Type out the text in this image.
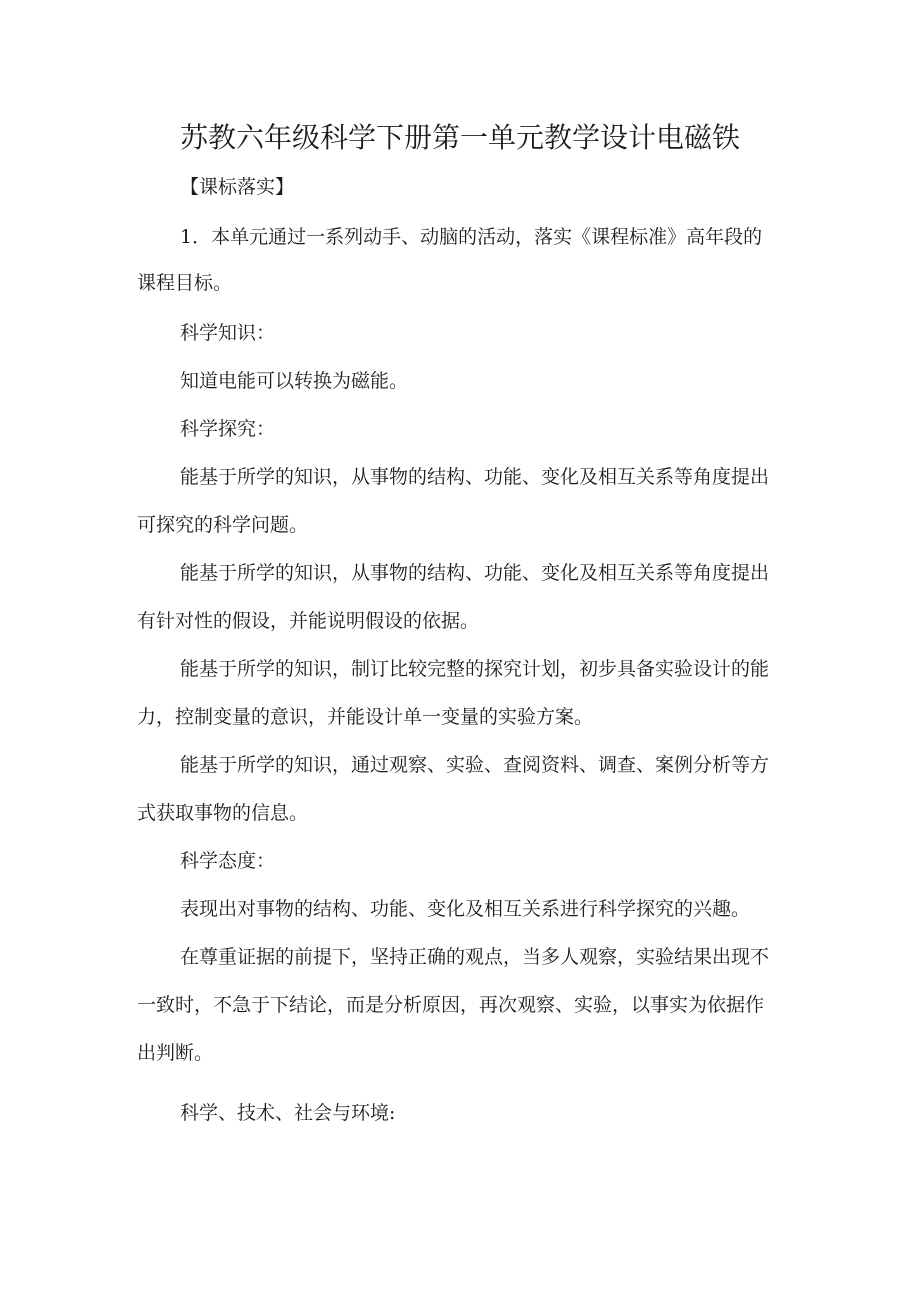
苏教六年级科学下册第一单元教学设计电磁铁
【课标落实】
1．本单元通过一系列动手、动脑的活动，落实《课程标准》高年段的
课程目标。
科学知识：
知道电能可以转换为磁能。
科学探究：
能基于所学的知识，从事物的结构、功能、变化及相互关系等角度提出
可探究的科学问题。
能基于所学的知识，从事物的结构、功能、变化及相互关系等角度提出
有针对性的假设，并能说明假设的依据。
能基于所学的知识，制订比较完整的探究计划，初步具备实验设计的能
力，控制变量的意识，并能设计单一变量的实验方案。
能基于所学的知识，通过观察、实验、查阅资料、调查、案例分析等方
式获取事物的信息。
科学态度：
表现出对事物的结构、功能、变化及相互关系进行科学探究的兴趣。
在尊重证据的前提下，坚持正确的观点，当多人观察，实验结果出现不
一致时，不急于下结论，而是分析原因，再次观察、实验，以事实为依据作
出判断。
科学、技术、社会与环境:
